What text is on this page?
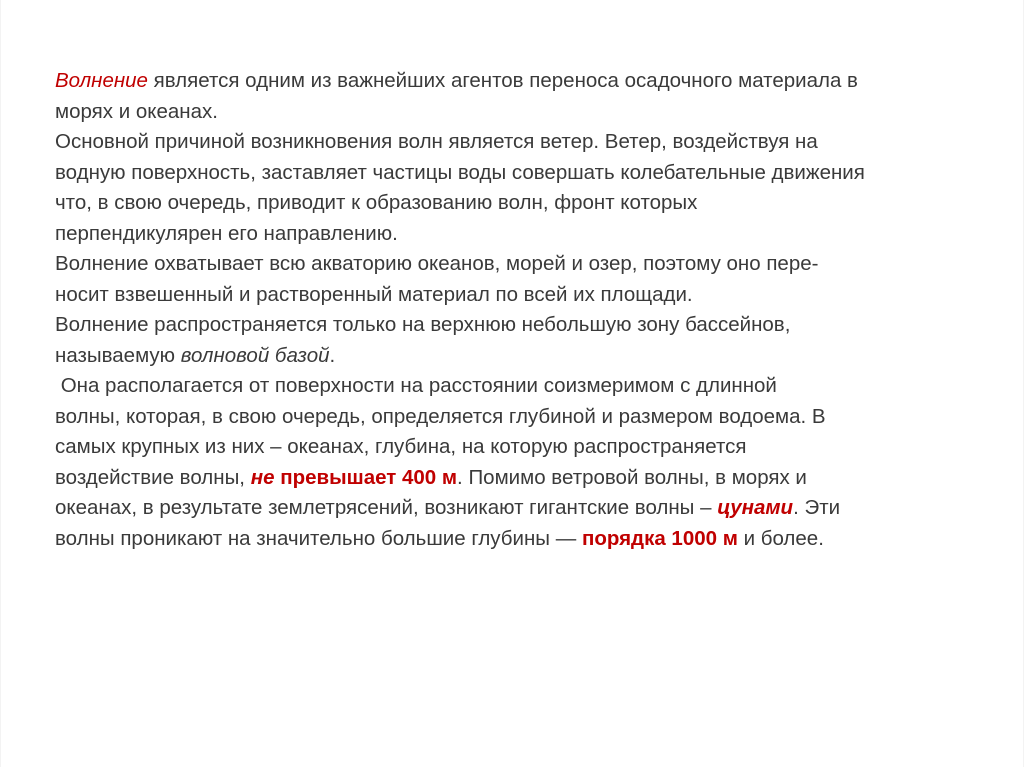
Волнение является одним из важнейших агентов переноса осадочного материала в
морях и океанах.
Основной причиной возникновения волн является ветер. Ветер, воздействуя на
водную поверхность, заставляет частицы воды совершать колебательные движения
что, в свою очередь, приводит к образованию волн, фронт которых
перпендикулярен его направлению.
Волнение охватывает всю акваторию океанов, морей и озер, поэтому оно пере-
носит взвешенный и растворенный материал по всей их площади.
Волнение распространяется только на верхнюю небольшую зону бассейнов,
называемую волновой базой.
Она располагается от поверхности на расстоянии соизмеримом с длинной
волны, которая, в свою очередь, определяется глубиной и размером водоема. В
самых крупных из них – океанах, глубина, на которую распространяется
воздействие волны, не превышает 400 м. Помимо ветровой волны, в морях и
океанах, в результате землетрясений, возникают гигантские волны – цунами. Эти
волны проникают на значительно большие глубины — порядка 1000 м и более.
